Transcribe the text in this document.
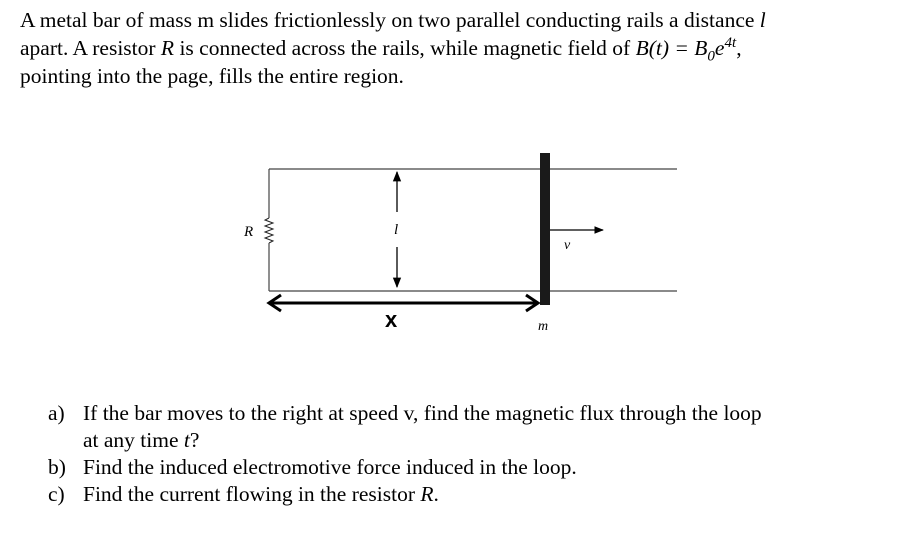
A metal bar of mass m slides frictionlessly on two parallel conducting rails a distance l
apart. A resistor R is connected across the rails, while magnetic field of $B(t) = B_0e^{4t}$,
pointing into the page, fills the entire region.
R	l
v
x	m
a) If the bar moves to the right at speed v, find the magnetic flux through the loop
at any time t?
b) Find the induced electromotive force induced in the loop.
c) Find the current flowing in the resistor R.
